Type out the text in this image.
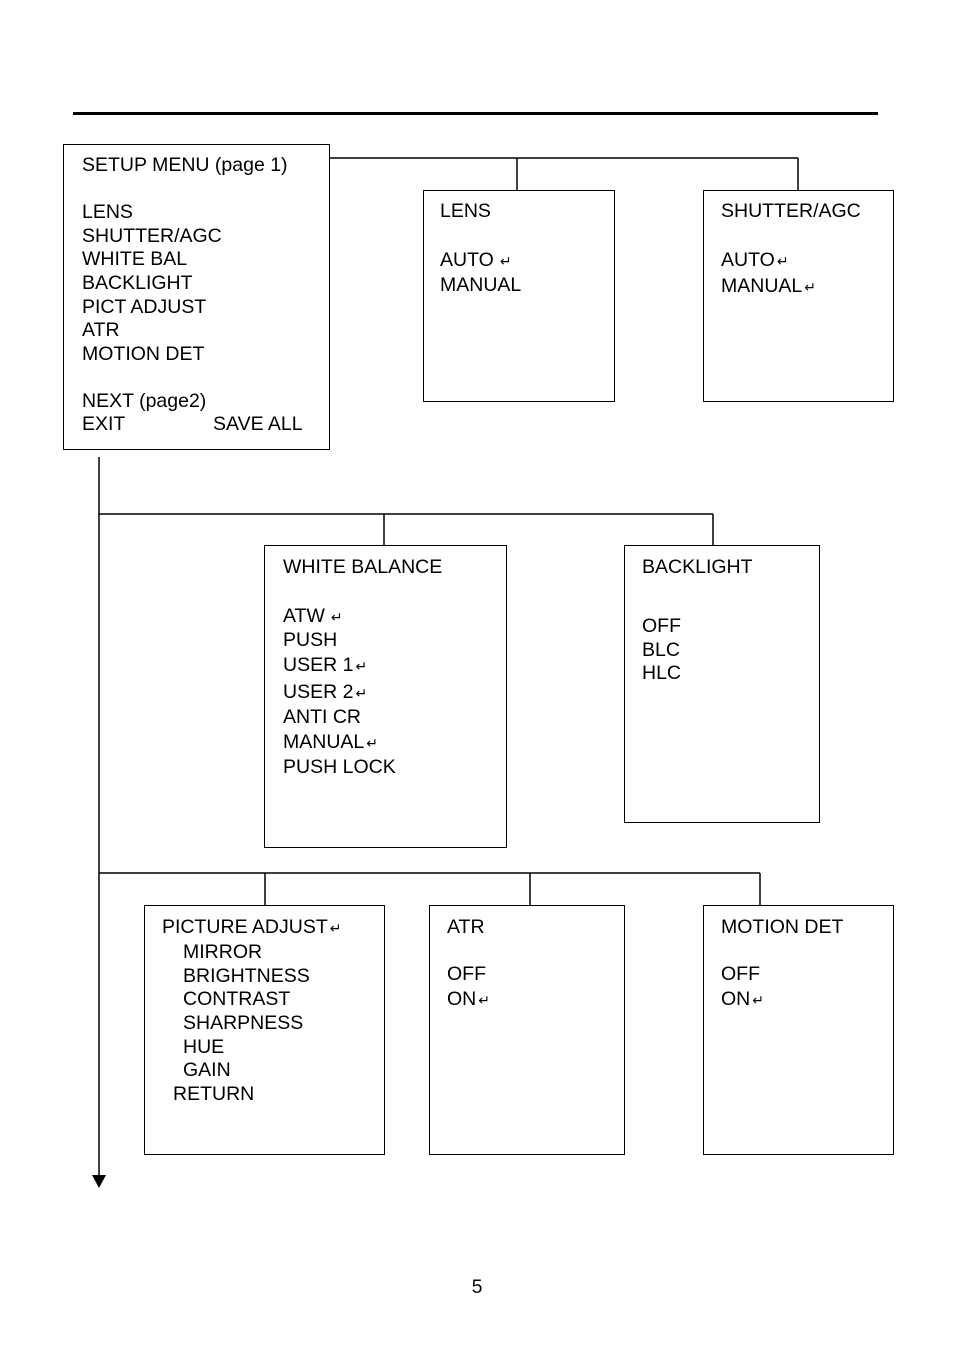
SETUP MENU (page 1)
LENS
SHUTTER/AGC
WHITE BAL
BACKLIGHT
PICT ADJUST
ATR
MOTION DET
NEXT (page2)
EXIT	SAVE ALL
LENS
AUTO ↵
MANUAL
SHUTTER/AGC
AUTO ↵
MANUAL ↵
WHITE BALANCE
ATW ↵
PUSH
USER 1 ↵
USER 2 ↵
ANTI CR
MANUAL ↵
PUSH LOCK
BACKLIGHT
OFF
BLC
HLC
PICTURE ADJUST ↵
MIRROR
BRIGHTNESS
CONTRAST
SHARPNESS
HUE
GAIN
RETURN
ATR
OFF
ON ↵
MOTION DET
OFF
ON ↵
5
